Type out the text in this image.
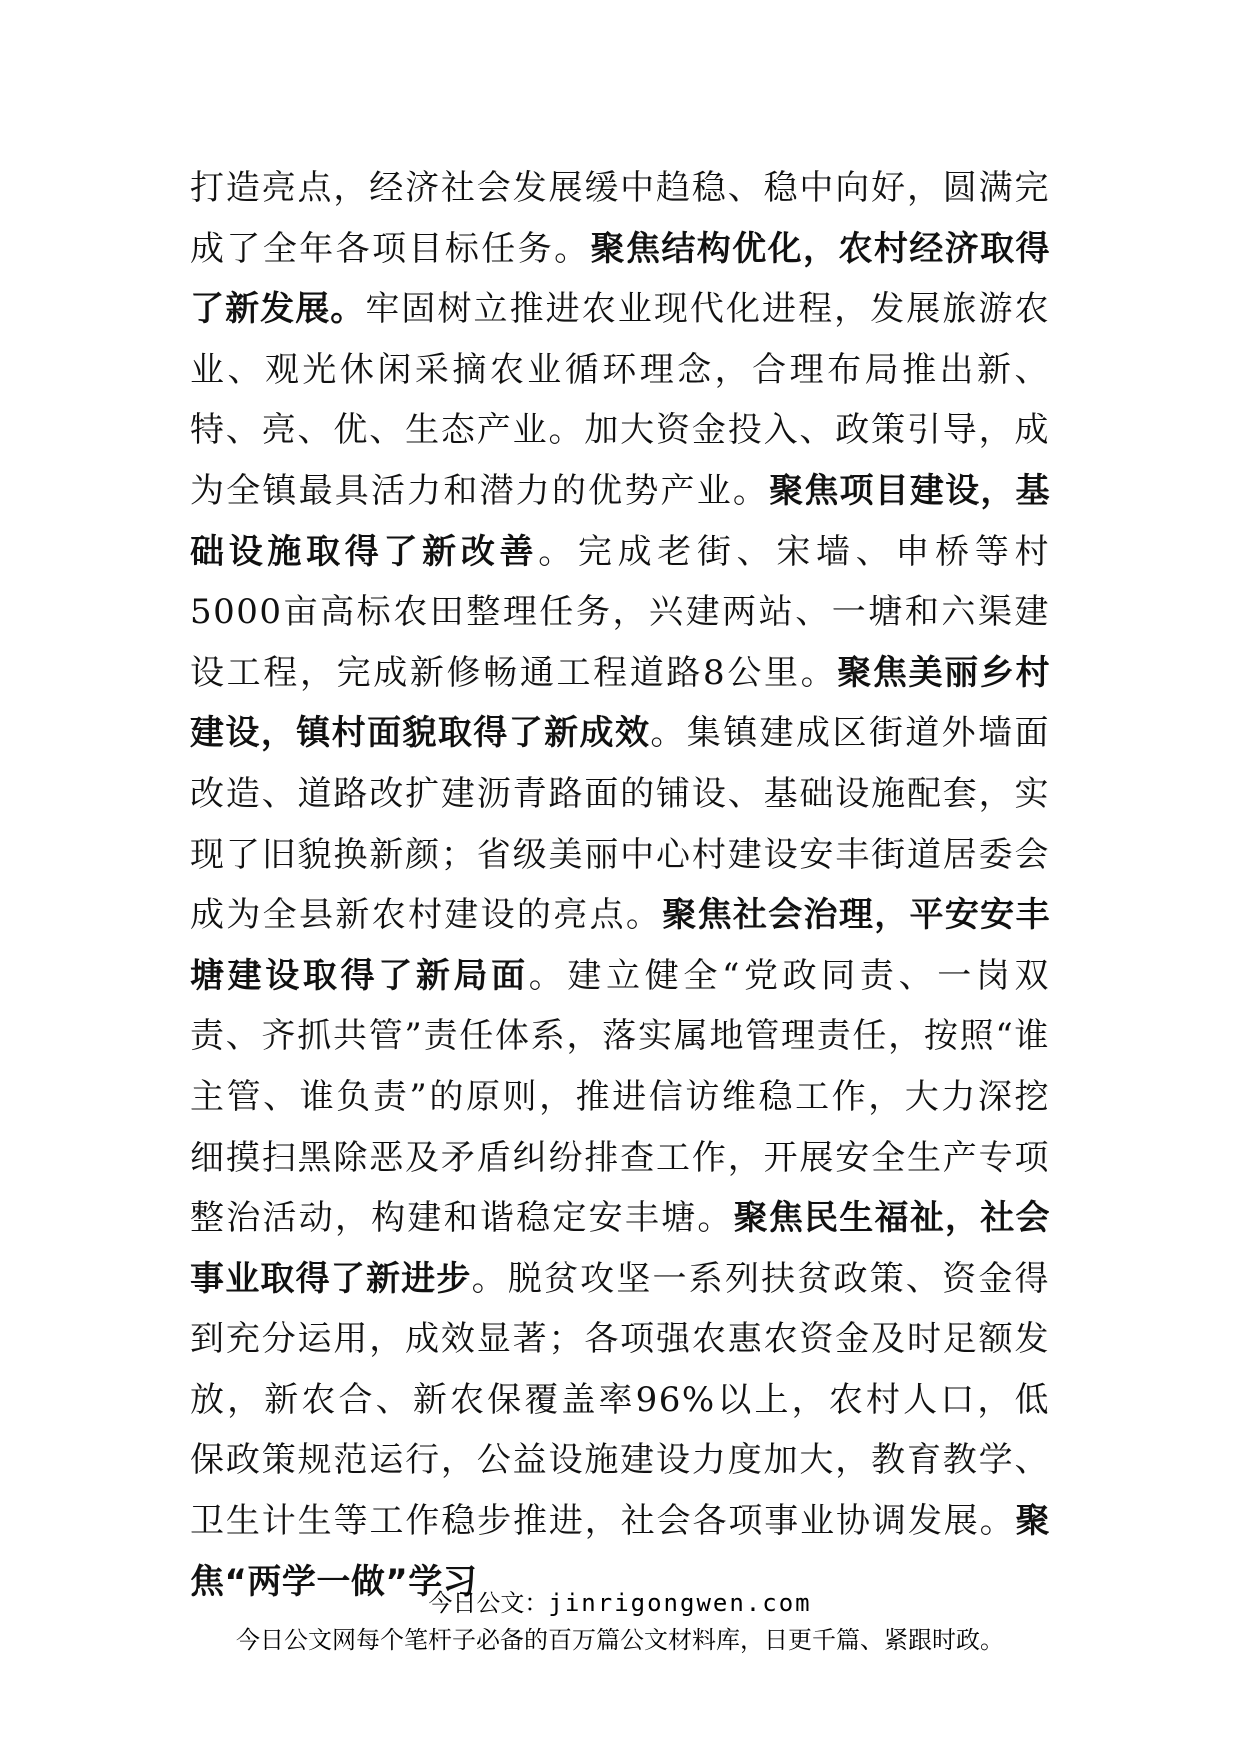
打造亮点，经济社会发展缓中趋稳、稳中向好，圆满完成了全年各项目标任务。聚焦结构优化，农村经济取得了新发展。牢固树立推进农业现代化进程，发展旅游农业、观光休闲采摘农业循环理念，合理布局推出新、特、亮、优、生态产业。加大资金投入、政策引导，成为全镇最具活力和潜力的优势产业。聚焦项目建设，基础设施取得了新改善。完成老街、宋墙、申桥等村5000亩高标农田整理任务，兴建两站、一塘和六渠建设工程，完成新修畅通工程道路8公里。聚焦美丽乡村建设，镇村面貌取得了新成效。集镇建成区街道外墙面改造、道路改扩建沥青路面的铺设、基础设施配套，实现了旧貌换新颜；省级美丽中心村建设安丰街道居委会成为全县新农村建设的亮点。聚焦社会治理，平安安丰塘建设取得了新局面。建立健全“党政同责、一岗双责、齐抓共管”责任体系，落实属地管理责任，按照“谁主管、谁负责”的原则，推进信访维稳工作，大力深挖细摸扫黑除恶及矛盾纠纷排查工作，开展安全生产专项整治活动，构建和谐稳定安丰塘。聚焦民生福祉，社会事业取得了新进步。脱贫攻坚一系列扶贫政策、资金得到充分运用，成效显著；各项强农惠农资金及时足额发放，新农合、新农保覆盖率96%以上，农村人口，低保政策规范运行，公益设施建设力度加大，教育教学、卫生计生等工作稳步推进，社会各项事业协调发展。聚焦“两学一做”学习

今日公文：jinrigongwen.com
今日公文网每个笔杆子必备的百万篇公文材料库，日更千篇、紧跟时政。
